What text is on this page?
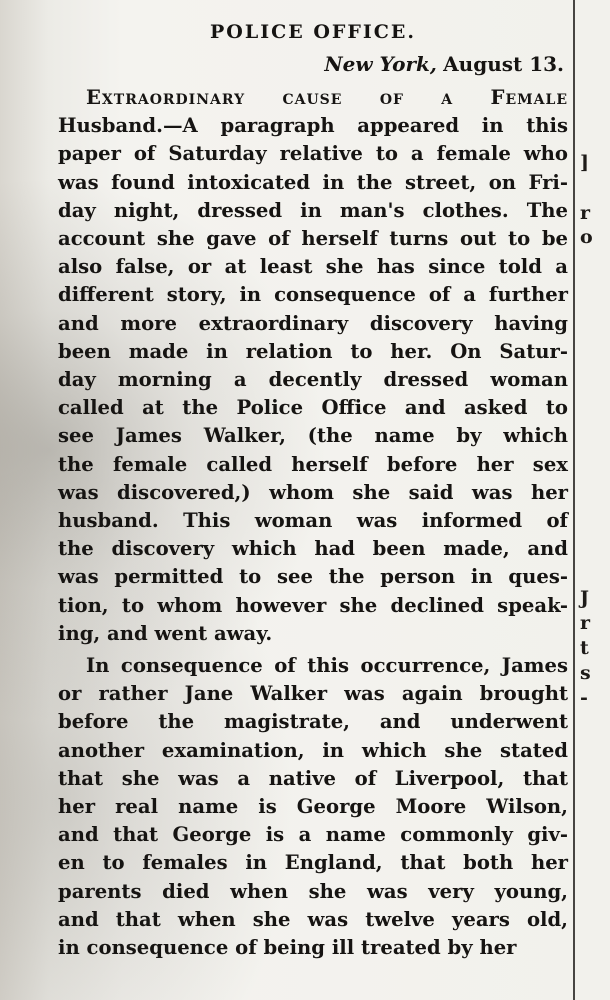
POLICE OFFICE.
New York, August 13.

Extraordinary cause of a Female
Husband.—A paragraph appeared in this
paper of Saturday relative to a female who
was found intoxicated in the street, on Fri-
day night, dressed in man's clothes. The
account she gave of herself turns out to be
also false, or at least she has since told a
different story, in consequence of a further
and more extraordinary discovery having
been made in relation to her. On Satur-
day morning a decently dressed woman
called at the Police Office and asked to
see James Walker, (the name by which
the female called herself before her sex
was discovered,) whom she said was her
husband. This woman was informed of
the discovery which had been made, and
was permitted to see the person in ques-
tion, to whom however she declined speak-
ing, and went away.

In consequence of this occurrence, James
or rather Jane Walker was again brought
before the magistrate, and underwent
another examination, in which she stated
that she was a native of Liverpool, that
her real name is George Moore Wilson,
and that George is a name commonly giv-
en to females in England, that both her
parents died when she was very young,
and that when she was twelve years old,
in consequence of being ill treated by her

]
r
o
J
r
t
s
-
